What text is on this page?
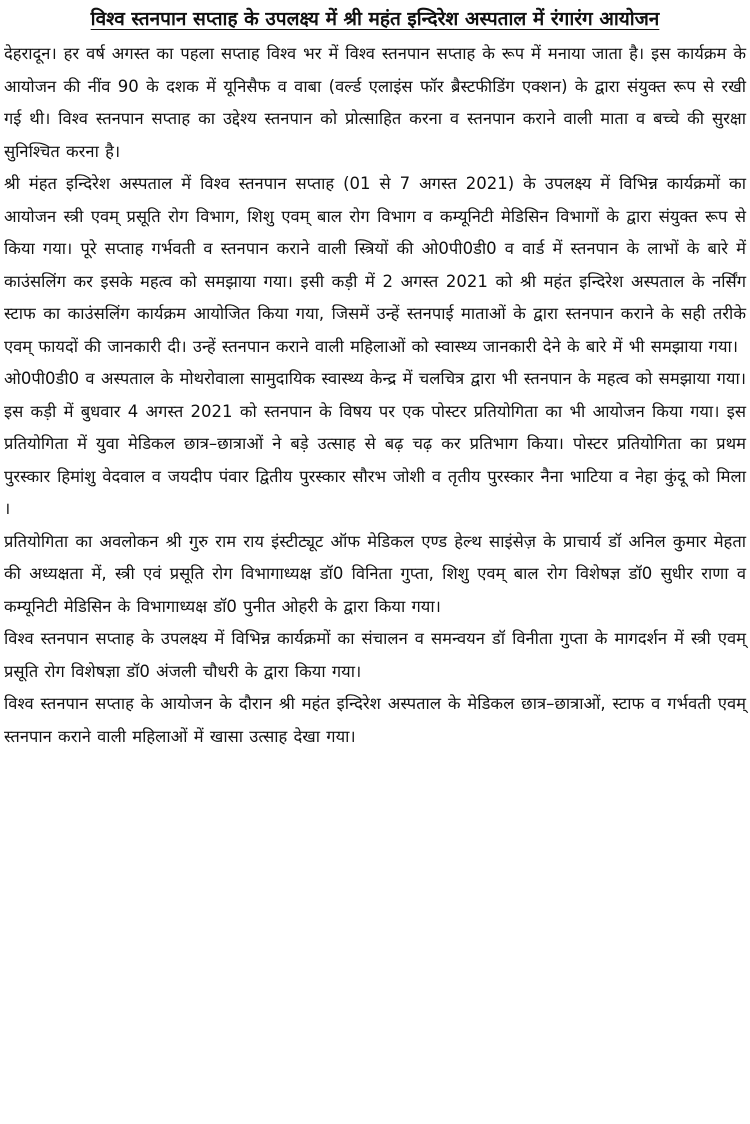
विश्व स्तनपान सप्ताह के उपलक्ष्य में श्री महंत इन्दिरेश अस्पताल में रंगारंग आयोजन

देहरादून। हर वर्ष अगस्त का पहला सप्ताह विश्व भर में विश्व स्तनपान सप्ताह के रूप में मनाया जाता है। इस कार्यक्रम के आयोजन की नींव 90 के दशक में यूनिसैफ व वाबा (वर्ल्ड एलाइंस फॉर ब्रैस्टफीडिंग एक्शन) के द्वारा संयुक्त रूप से रखी गई थी। विश्व स्तनपान सप्ताह का उद्देश्य स्तनपान को प्रोत्साहित करना व स्तनपान कराने वाली माता व बच्चे की सुरक्षा सुनिश्चित करना है।

श्री मंहत इन्दिरेश अस्पताल में विश्व स्तनपान सप्ताह (01 से 7 अगस्त 2021) के उपलक्ष्य में विभिन्न कार्यक्रमों का आयोजन स्त्री एवम् प्रसूति रोग विभाग, शिशु एवम् बाल रोग विभाग व कम्यूनिटी मेडिसिन विभागों के द्वारा संयुक्त रूप से किया गया। पूरे सप्ताह गर्भवती व स्तनपान कराने वाली स्त्रियों की ओ0पी0डी0 व वार्ड में स्तनपान के लाभों के बारे में काउंसलिंग कर इसके महत्व को समझाया गया। इसी कड़ी में 2 अगस्त 2021 को श्री महंत इन्दिरेश अस्पताल के नर्सिंग स्टाफ का काउंसलिंग कार्यक्रम आयोजित किया गया, जिसमें उन्हें स्तनपाई माताओं के द्वारा स्तनपान कराने के सही तरीके एवम् फायदों की जानकारी दी। उन्हें स्तनपान कराने वाली महिलाओं को स्वास्थ्य जानकारी देने के बारे में भी समझाया गया।

ओ0पी0डी0 व अस्पताल के मोथरोवाला सामुदायिक स्वास्थ्य केन्द्र में चलचित्र द्वारा भी स्तनपान के महत्व को समझाया गया। इस कड़ी में बुधवार 4 अगस्त 2021 को स्तनपान के विषय पर एक पोस्टर प्रतियोगिता का भी आयोजन किया गया। इस प्रतियोगिता में युवा मेडिकल छात्र–छात्राओं ने बड़े उत्साह से बढ़ चढ़ कर प्रतिभाग किया। पोस्टर प्रतियोगिता का प्रथम पुरस्कार हिमांशु वेदवाल व जयदीप पंवार द्वितीय पुरस्कार सौरभ जोशी व तृतीय पुरस्कार नैना भाटिया व नेहा कुंदू को मिला ।

प्रतियोगिता का अवलोकन श्री गुरु राम राय इंस्टीट्यूट ऑफ मेडिकल एण्ड हेल्थ साइंसेज़ के प्राचार्य डॉ अनिल कुमार मेहता की अध्यक्षता में, स्त्री एवं प्रसूति रोग विभागाध्यक्ष डॉ0 विनिता गुप्ता, शिशु एवम् बाल रोग विशेषज्ञ डॉ0 सुधीर राणा व कम्यूनिटी मेडिसिन के विभागाध्यक्ष डॉ0 पुनीत ओहरी के द्वारा किया गया।

विश्व स्तनपान सप्ताह के उपलक्ष्य में विभिन्न कार्यक्रमों का संचालन व समन्वयन डॉ विनीता गुप्ता के मागदर्शन में स्त्री एवम् प्रसूति रोग विशेषज्ञा डॉ0 अंजली चौधरी के द्वारा किया गया।

विश्व स्तनपान सप्ताह के आयोजन के दौरान श्री महंत इन्दिरेश अस्पताल के मेडिकल छात्र–छात्राओं, स्टाफ व गर्भवती एवम् स्तनपान कराने वाली महिलाओं में खासा उत्साह देखा गया।
